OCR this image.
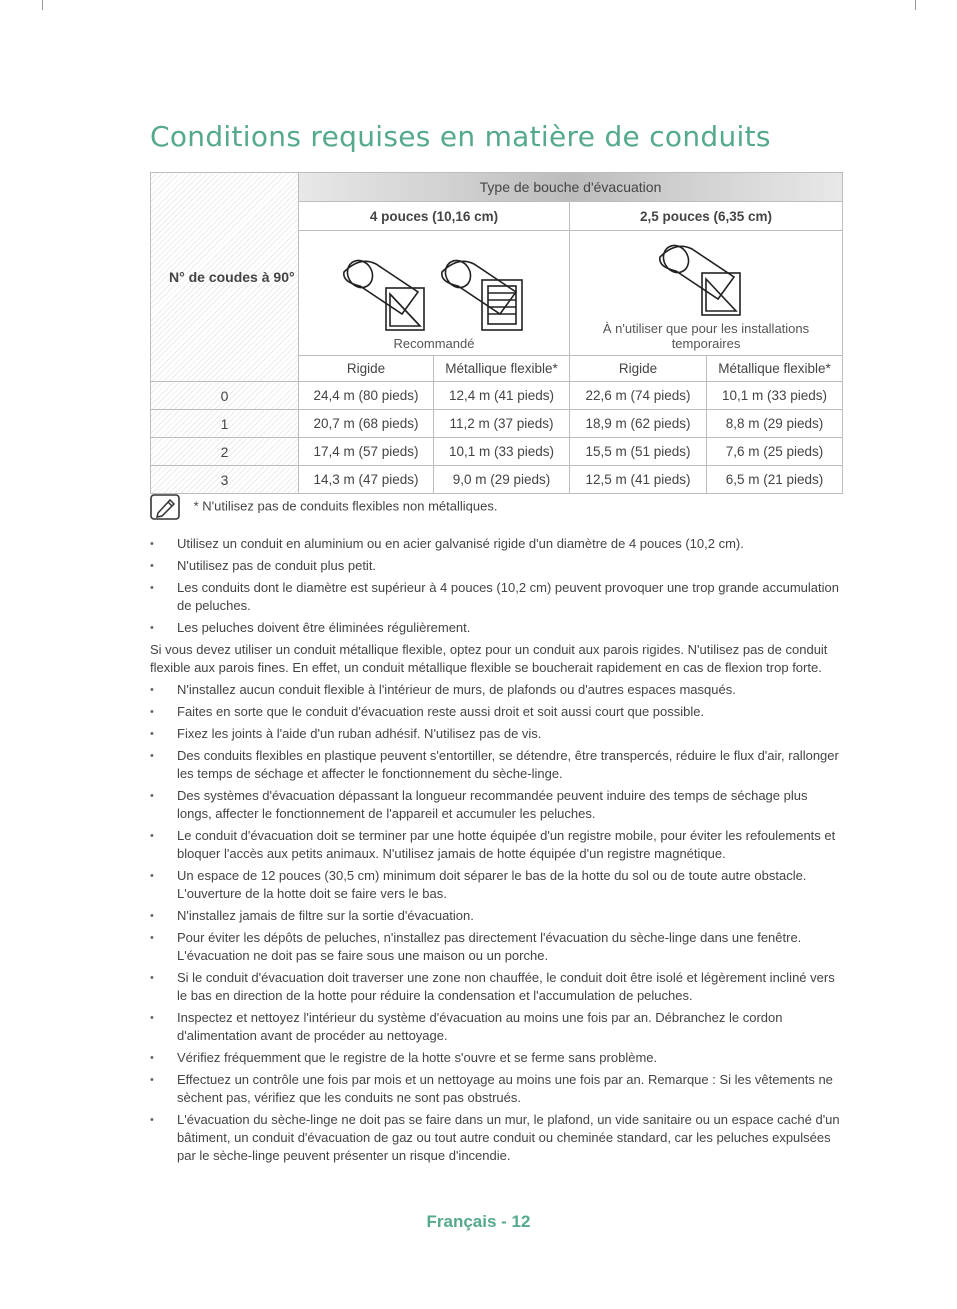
Conditions requises en matière de conduits
N° de coudes à 90°	Type de bouche d'évacuation			
	4 pouces (10,16 cm)		2,5 pouces (6,35 cm)	

	Recommandé		À n'utiliser que pour les installations temporaires	

	Rigide	Métallique flexible*	Rigide	Métallique flexible*
0	24,4 m (80 pieds)	12,4 m (41 pieds)	22,6 m (74 pieds)	10,1 m (33 pieds)
1	20,7 m (68 pieds)	11,2 m (37 pieds)	18,9 m (62 pieds)	8,8 m (29 pieds)
2	17,4 m (57 pieds)	10,1 m (33 pieds)	15,5 m (51 pieds)	7,6 m (25 pieds)
3	14,3 m (47 pieds)	9,0 m (29 pieds)	12,5 m (41 pieds)	6,5 m (21 pieds)
* N'utilisez pas de conduits flexibles non métalliques.
• Utilisez un conduit en aluminium ou en acier galvanisé rigide d'un diamètre de 4 pouces (10,2 cm).
• N'utilisez pas de conduit plus petit.
• Les conduits dont le diamètre est supérieur à 4 pouces (10,2 cm) peuvent provoquer une trop grande accumulation de peluches.
• Les peluches doivent être éliminées régulièrement.

Si vous devez utiliser un conduit métallique flexible, optez pour un conduit aux parois rigides. N'utilisez pas de conduit flexible aux parois fines. En effet, un conduit métallique flexible se boucherait rapidement en cas de flexion trop forte.

• N'installez aucun conduit flexible à l'intérieur de murs, de plafonds ou d'autres espaces masqués.
• Faites en sorte que le conduit d'évacuation reste aussi droit et soit aussi court que possible.
• Fixez les joints à l'aide d'un ruban adhésif. N'utilisez pas de vis.
• Des conduits flexibles en plastique peuvent s'entortiller, se détendre, être transpercés, réduire le flux d'air, rallonger les temps de séchage et affecter le fonctionnement du sèche-linge.
• Des systèmes d'évacuation dépassant la longueur recommandée peuvent induire des temps de séchage plus longs, affecter le fonctionnement de l'appareil et accumuler les peluches.
• Le conduit d'évacuation doit se terminer par une hotte équipée d'un registre mobile, pour éviter les refoulements et bloquer l'accès aux petits animaux. N'utilisez jamais de hotte équipée d'un registre magnétique.
• Un espace de 12 pouces (30,5 cm) minimum doit séparer le bas de la hotte du sol ou de toute autre obstacle. L'ouverture de la hotte doit se faire vers le bas.
• N'installez jamais de filtre sur la sortie d'évacuation.
• Pour éviter les dépôts de peluches, n'installez pas directement l'évacuation du sèche-linge dans une fenêtre. L'évacuation ne doit pas se faire sous une maison ou un porche.
• Si le conduit d'évacuation doit traverser une zone non chauffée, le conduit doit être isolé et légèrement incliné vers le bas en direction de la hotte pour réduire la condensation et l'accumulation de peluches.
• Inspectez et nettoyez l'intérieur du système d'évacuation au moins une fois par an. Débranchez le cordon d'alimentation avant de procéder au nettoyage.
• Vérifiez fréquemment que le registre de la hotte s'ouvre et se ferme sans problème.
• Effectuez un contrôle une fois par mois et un nettoyage au moins une fois par an. Remarque : Si les vêtements ne sèchent pas, vérifiez que les conduits ne sont pas obstrués.
• L'évacuation du sèche-linge ne doit pas se faire dans un mur, le plafond, un vide sanitaire ou un espace caché d'un bâtiment, un conduit d'évacuation de gaz ou tout autre conduit ou cheminée standard, car les peluches expulsées par le sèche-linge peuvent présenter un risque d'incendie.
Français - 12
